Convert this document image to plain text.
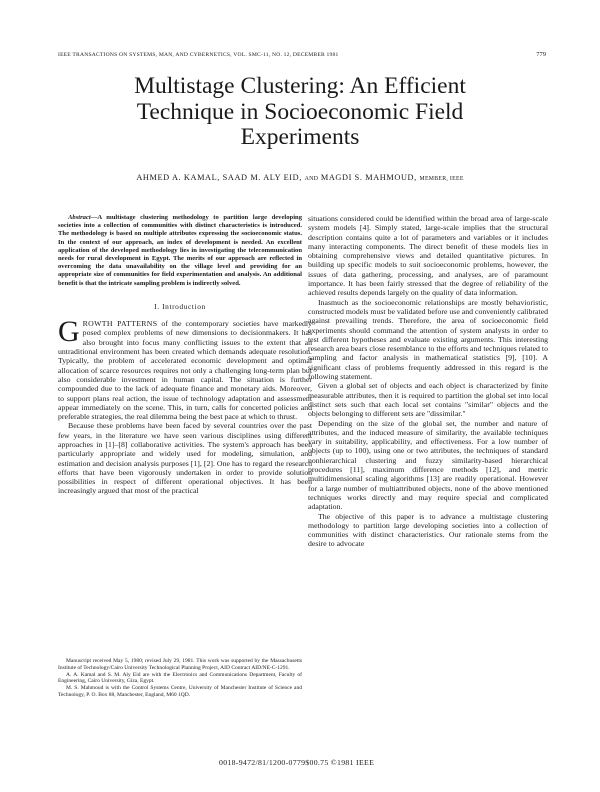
IEEE TRANSACTIONS ON SYSTEMS, MAN, AND CYBERNETICS, VOL. SMC-11, NO. 12, DECEMBER 1981	779
Multistage Clustering: An Efficient
Technique in Socioeconomic Field
Experiments
AHMED A. KAMAL, SAAD M. ALY EID, AND MAGDI S. MAHMOUD, MEMBER, IEEE

Abstract—A multistage clustering methodology to partition large developing societies into a collection of communities with distinct characteristics is introduced. The methodology is based on multiple attributes expressing the socioeconomic status. In the context of our approach, an index of development is needed. An excellent application of the developed methodology lies in investigating the telecommunication needs for rural development in Egypt. The merits of our approach are reflected in overcoming the data unavailability on the village level and providing for an appropriate size of communities for field experimentation and analysis. An additional benefit is that the intricate sampling problem is indirectly solved.

I. Introduction

GROWTH PATTERNS of the contemporary societies have markedly posed complex problems of new dimensions to decisionmakers. It has also brought into focus many conflicting issues to the extent that an untraditional environment has been created which demands adequate resolution. Typically, the problem of accelerated economic development and optimal allocation of scarce resources requires not only a challenging long-term plan but also considerable investment in human capital. The situation is further compounded due to the lack of adequate finance and monetary aids. Moreover, to support plans real action, the issue of technology adaptation and assessment appear immediately on the scene. This, in turn, calls for concerted policies and preferable strategies, the real dilemma being the best pace at which to thrust.

Because these problems have been faced by several countries over the past few years, in the literature we have seen various disciplines using different approaches in [1]–[8] collaborative activities. The system's approach has been particularly appropriate and widely used for modeling, simulation, and estimation and decision analysis purposes [1], [2]. One has to regard the research efforts that have been vigorously undertaken in order to provide solution possibilities in respect of different operational objectives. It has been increasingly argued that most of the practical

Manuscript received May 5, 1980; revised July 29, 1981. This work was supported by the Massachusetts Institute of Technology/Cairo University Technological Planning Project, AID Contract AID/NE-C-1291.

A. A. Kamal and S. M. Aly Eid are with the Electronics and Communications Department, Faculty of Engineering, Cairo University, Giza, Egypt.

M. S. Mahmoud is with the Control Systems Centre, University of Manchester Institute of Science and Technology, P. O. Box 88, Manchester, England, M60 1QD.

situations considered could be identified within the broad area of large-scale system models [4]. Simply stated, large-scale implies that the structural description contains quite a lot of parameters and variables or it includes many interacting components. The direct benefit of these models lies in obtaining comprehensive views and detailed quantitative pictures. In building up specific models to suit socioeconomic problems, however, the issues of data gathering, processing, and analyses, are of paramount importance. It has been fairly stressed that the degree of reliability of the achieved results depends largely on the quality of data information.

Inasmuch as the socioeconomic relationships are mostly behavioristic, constructed models must be validated before use and conveniently calibrated against prevailing trends. Therefore, the area of socioeconomic field experiments should command the attention of system analysts in order to test different hypotheses and evaluate existing arguments. This interesting research area bears close resemblance to the efforts and techniques related to sampling and factor analysis in mathematical statistics [9], [10]. A significant class of problems frequently addressed in this regard is the following statement.

Given a global set of objects and each object is characterized by finite measurable attributes, then it is required to partition the global set into local distinct sets such that each local set contains "similar" objects and the objects belonging to different sets are "dissimilar."

Depending on the size of the global set, the number and nature of attributes, and the induced measure of similarity, the available techniques vary in suitability, applicability, and effectiveness. For a low number of objects (up to 100), using one or two attributes, the techniques of standard nonhierarchical clustering and fuzzy similarity-based hierarchical procedures [11], maximum difference methods [12], and metric multidimensional scaling algorithms [13] are readily operational. However for a large number of multiattributed objects, none of the above mentioned techniques works directly and may require special and complicated adaptation.

The objective of this paper is to advance a multistage clustering methodology to partition large developing societies into a collection of communities with distinct characteristics. Our rationale stems from the desire to advocate

0018-9472/81/1200-0779$00.75 ©1981 IEEE
